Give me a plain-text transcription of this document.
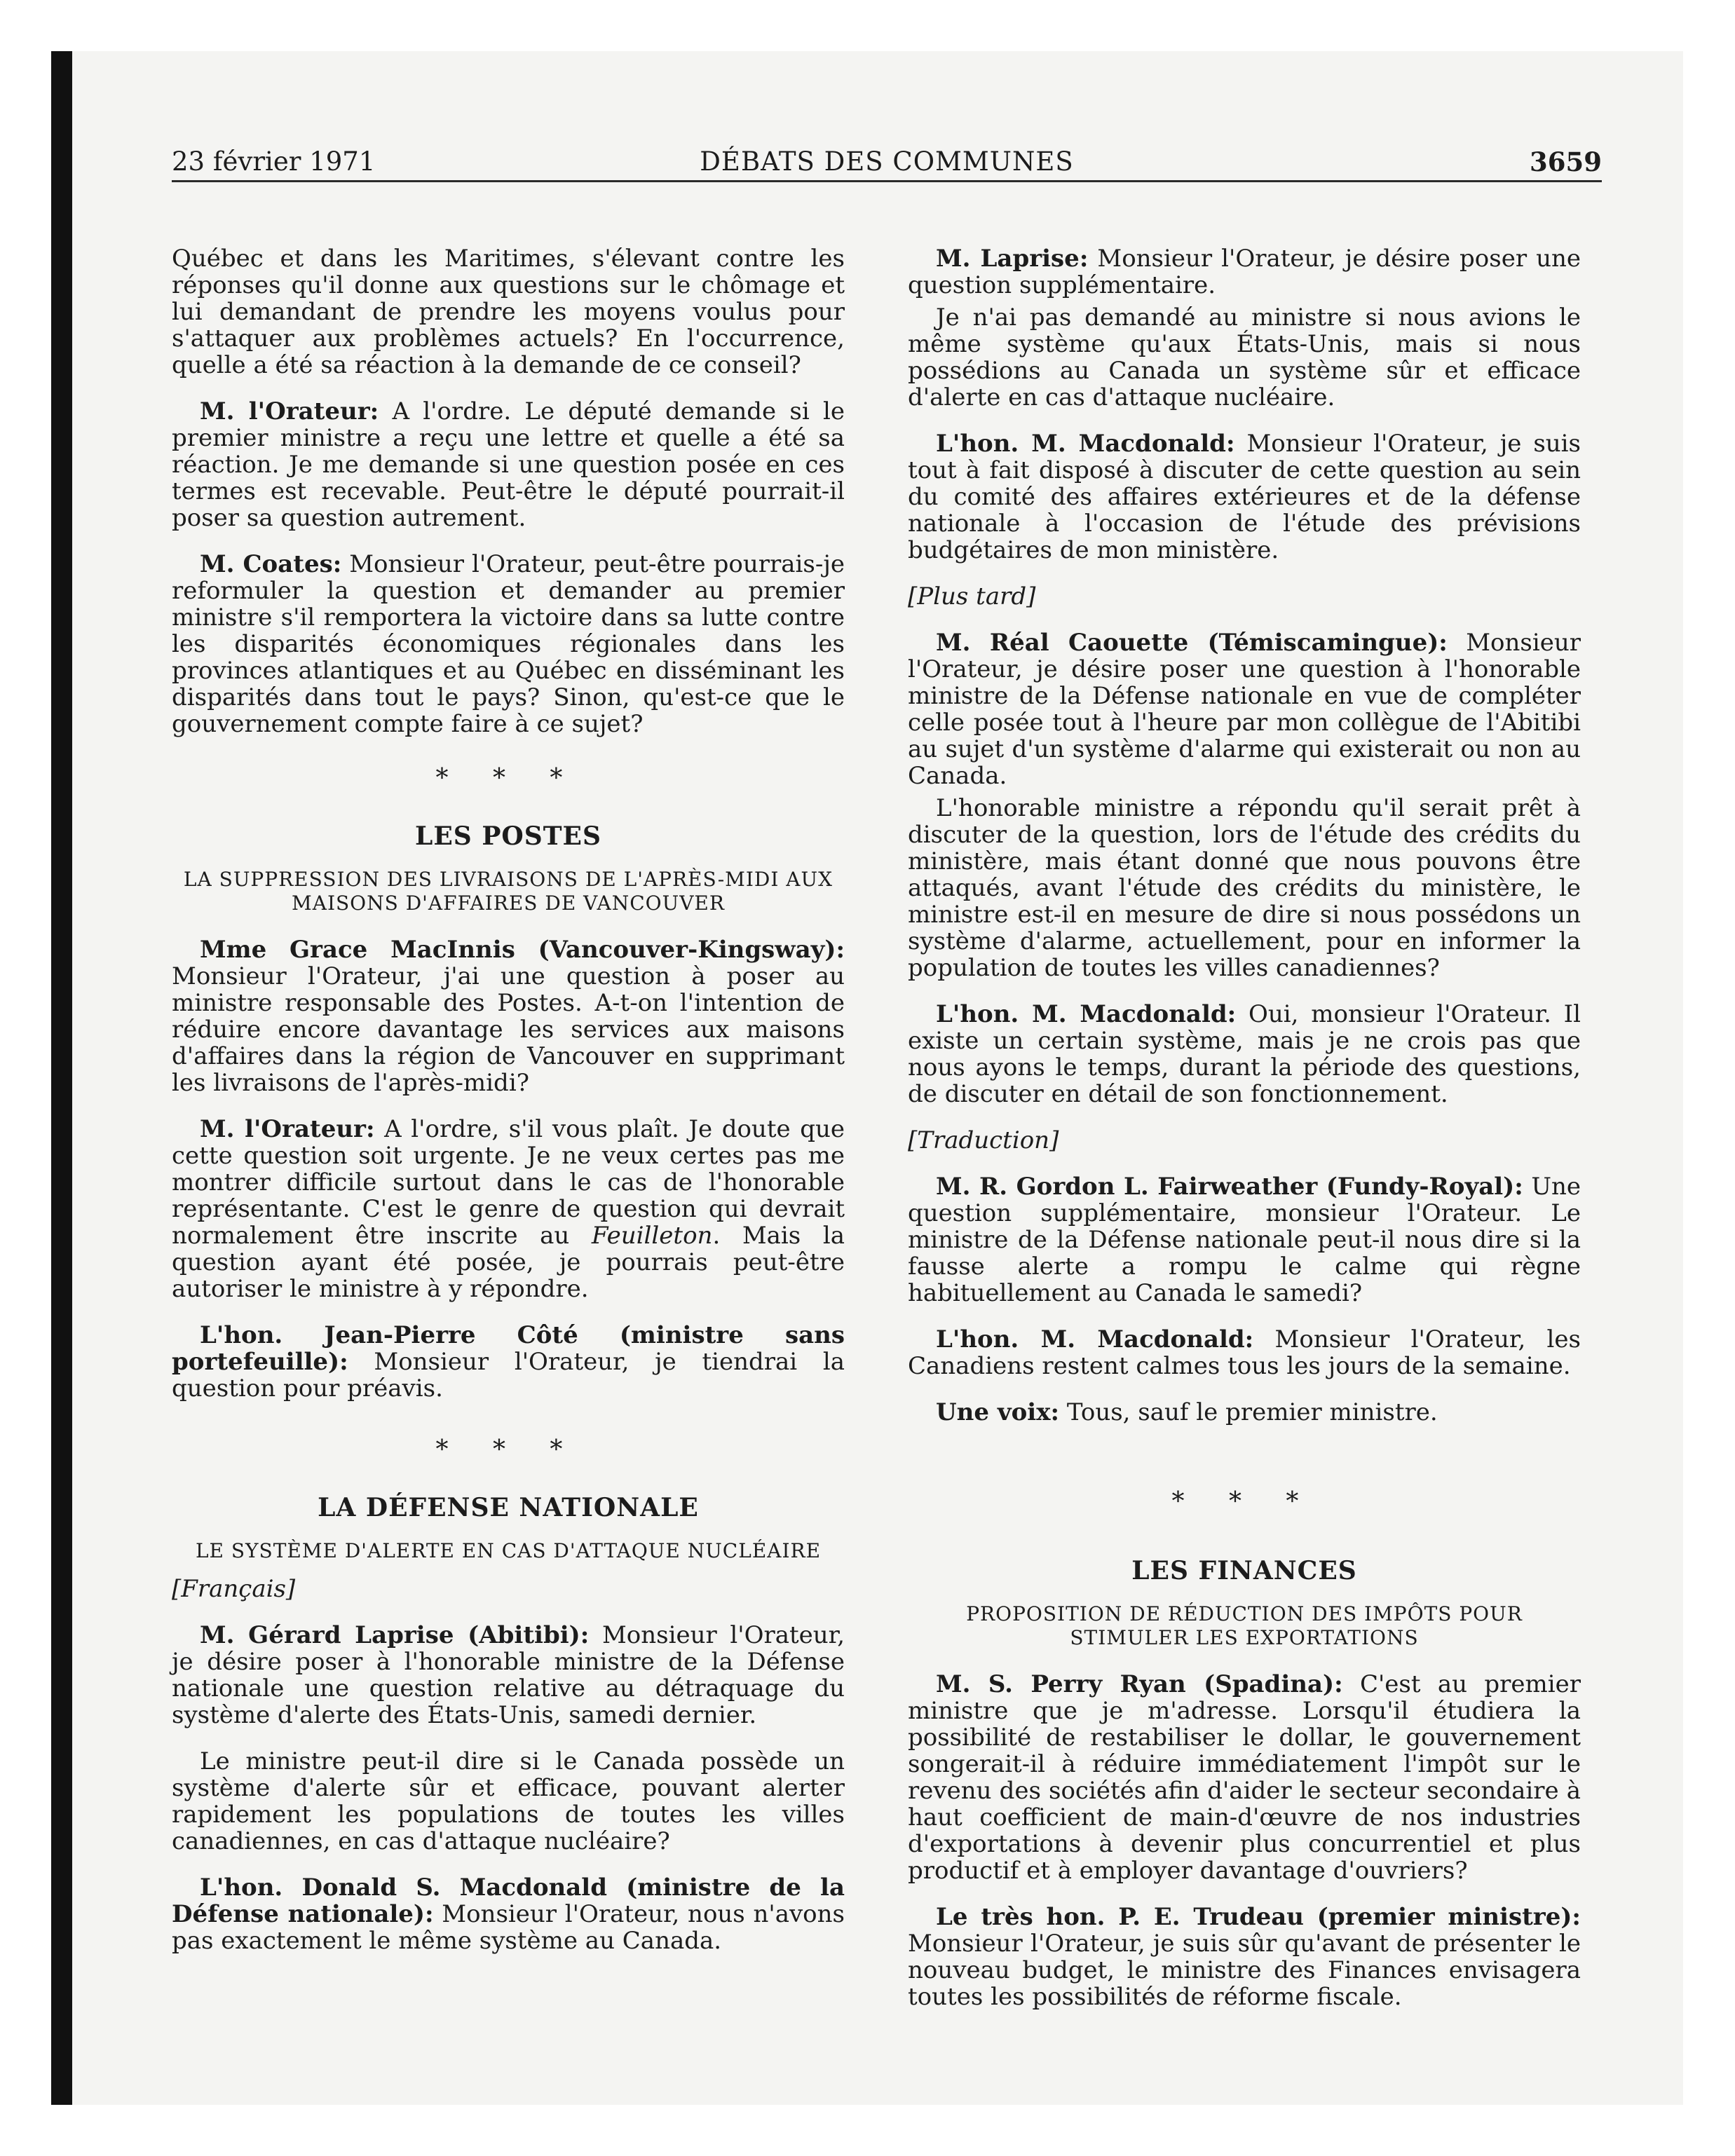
23 février 1971	DÉBATS DES COMMUNES	3659

Québec et dans les Maritimes, s'élevant contre les réponses qu'il donne aux questions sur le chômage et lui demandant de prendre les moyens voulus pour s'attaquer aux problèmes actuels? En l'occurrence, quelle a été sa réaction à la demande de ce conseil?

M. l'Orateur: A l'ordre. Le député demande si le premier ministre a reçu une lettre et quelle a été sa réaction. Je me demande si une question posée en ces termes est recevable. Peut-être le député pourrait-il poser sa question autrement.

M. Coates: Monsieur l'Orateur, peut-être pourrais-je reformuler la question et demander au premier ministre s'il remportera la victoire dans sa lutte contre les disparités économiques régionales dans les provinces atlantiques et au Québec en disséminant les disparités dans tout le pays? Sinon, qu'est-ce que le gouvernement compte faire à ce sujet?

* * *
LES POSTES
LA SUPPRESSION DES LIVRAISONS DE L'APRÈS-MIDI AUX MAISONS D'AFFAIRES DE VANCOUVER

Mme Grace MacInnis (Vancouver-Kingsway): Monsieur l'Orateur, j'ai une question à poser au ministre responsable des Postes. A-t-on l'intention de réduire encore davantage les services aux maisons d'affaires dans la région de Vancouver en supprimant les livraisons de l'après-midi?

M. l'Orateur: A l'ordre, s'il vous plaît. Je doute que cette question soit urgente. Je ne veux certes pas me montrer difficile surtout dans le cas de l'honorable représentante. C'est le genre de question qui devrait normalement être inscrite au Feuilleton. Mais la question ayant été posée, je pourrais peut-être autoriser le ministre à y répondre.

L'hon. Jean-Pierre Côté (ministre sans portefeuille): Monsieur l'Orateur, je tiendrai la question pour préavis.

* * *
LA DÉFENSE NATIONALE
LE SYSTÈME D'ALERTE EN CAS D'ATTAQUE NUCLÉAIRE

[Français]

M. Gérard Laprise (Abitibi): Monsieur l'Orateur, je désire poser à l'honorable ministre de la Défense nationale une question relative au détraquage du système d'alerte des États-Unis, samedi dernier.

Le ministre peut-il dire si le Canada possède un système d'alerte sûr et efficace, pouvant alerter rapidement les populations de toutes les villes canadiennes, en cas d'attaque nucléaire?

L'hon. Donald S. Macdonald (ministre de la Défense nationale): Monsieur l'Orateur, nous n'avons pas exactement le même système au Canada.

M. Laprise: Monsieur l'Orateur, je désire poser une question supplémentaire.

Je n'ai pas demandé au ministre si nous avions le même système qu'aux États-Unis, mais si nous possédions au Canada un système sûr et efficace d'alerte en cas d'attaque nucléaire.

L'hon. M. Macdonald: Monsieur l'Orateur, je suis tout à fait disposé à discuter de cette question au sein du comité des affaires extérieures et de la défense nationale à l'occasion de l'étude des prévisions budgétaires de mon ministère.

[Plus tard]

M. Réal Caouette (Témiscamingue): Monsieur l'Orateur, je désire poser une question à l'honorable ministre de la Défense nationale en vue de compléter celle posée tout à l'heure par mon collègue de l'Abitibi au sujet d'un système d'alarme qui existerait ou non au Canada.

L'honorable ministre a répondu qu'il serait prêt à discuter de la question, lors de l'étude des crédits du ministère, mais étant donné que nous pouvons être attaqués, avant l'étude des crédits du ministère, le ministre est-il en mesure de dire si nous possédons un système d'alarme, actuellement, pour en informer la population de toutes les villes canadiennes?

L'hon. M. Macdonald: Oui, monsieur l'Orateur. Il existe un certain système, mais je ne crois pas que nous ayons le temps, durant la période des questions, de discuter en détail de son fonctionnement.

[Traduction]

M. R. Gordon L. Fairweather (Fundy-Royal): Une question supplémentaire, monsieur l'Orateur. Le ministre de la Défense nationale peut-il nous dire si la fausse alerte a rompu le calme qui règne habituellement au Canada le samedi?

L'hon. M. Macdonald: Monsieur l'Orateur, les Canadiens restent calmes tous les jours de la semaine.

Une voix: Tous, sauf le premier ministre.

* * *
LES FINANCES
PROPOSITION DE RÉDUCTION DES IMPÔTS POUR STIMULER LES EXPORTATIONS

M. S. Perry Ryan (Spadina): C'est au premier ministre que je m'adresse. Lorsqu'il étudiera la possibilité de restabiliser le dollar, le gouvernement songerait-il à réduire immédiatement l'impôt sur le revenu des sociétés afin d'aider le secteur secondaire à haut coefficient de main-d'œuvre de nos industries d'exportations à devenir plus concurrentiel et plus productif et à employer davantage d'ouvriers?

Le très hon. P. E. Trudeau (premier ministre): Monsieur l'Orateur, je suis sûr qu'avant de présenter le nouveau budget, le ministre des Finances envisagera toutes les possibilités de réforme fiscale.
